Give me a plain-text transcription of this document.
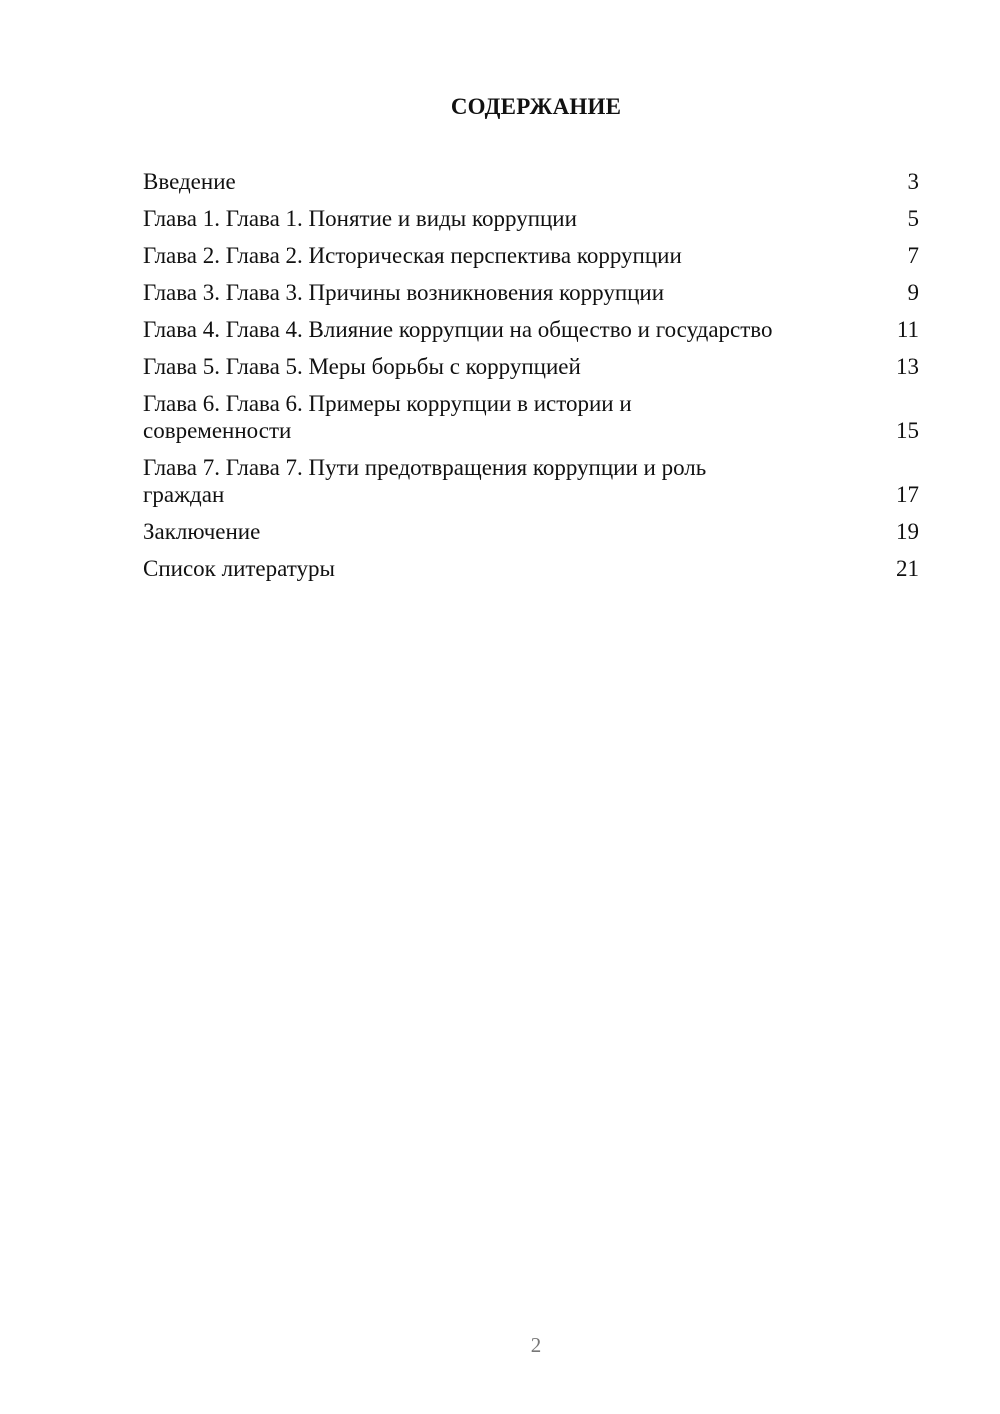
СОДЕРЖАНИЕ
Введение	3
Глава 1. Глава 1. Понятие и виды коррупции	5
Глава 2. Глава 2. Историческая перспектива коррупции	7
Глава 3. Глава 3. Причины возникновения коррупции	9
Глава 4. Глава 4. Влияние коррупции на общество и государство	11
Глава 5. Глава 5. Меры борьбы с коррупцией	13
Глава 6. Глава 6. Примеры коррупции в истории и современности	15
Глава 7. Глава 7. Пути предотвращения коррупции и роль граждан	17
Заключение	19
Список литературы	21
2
